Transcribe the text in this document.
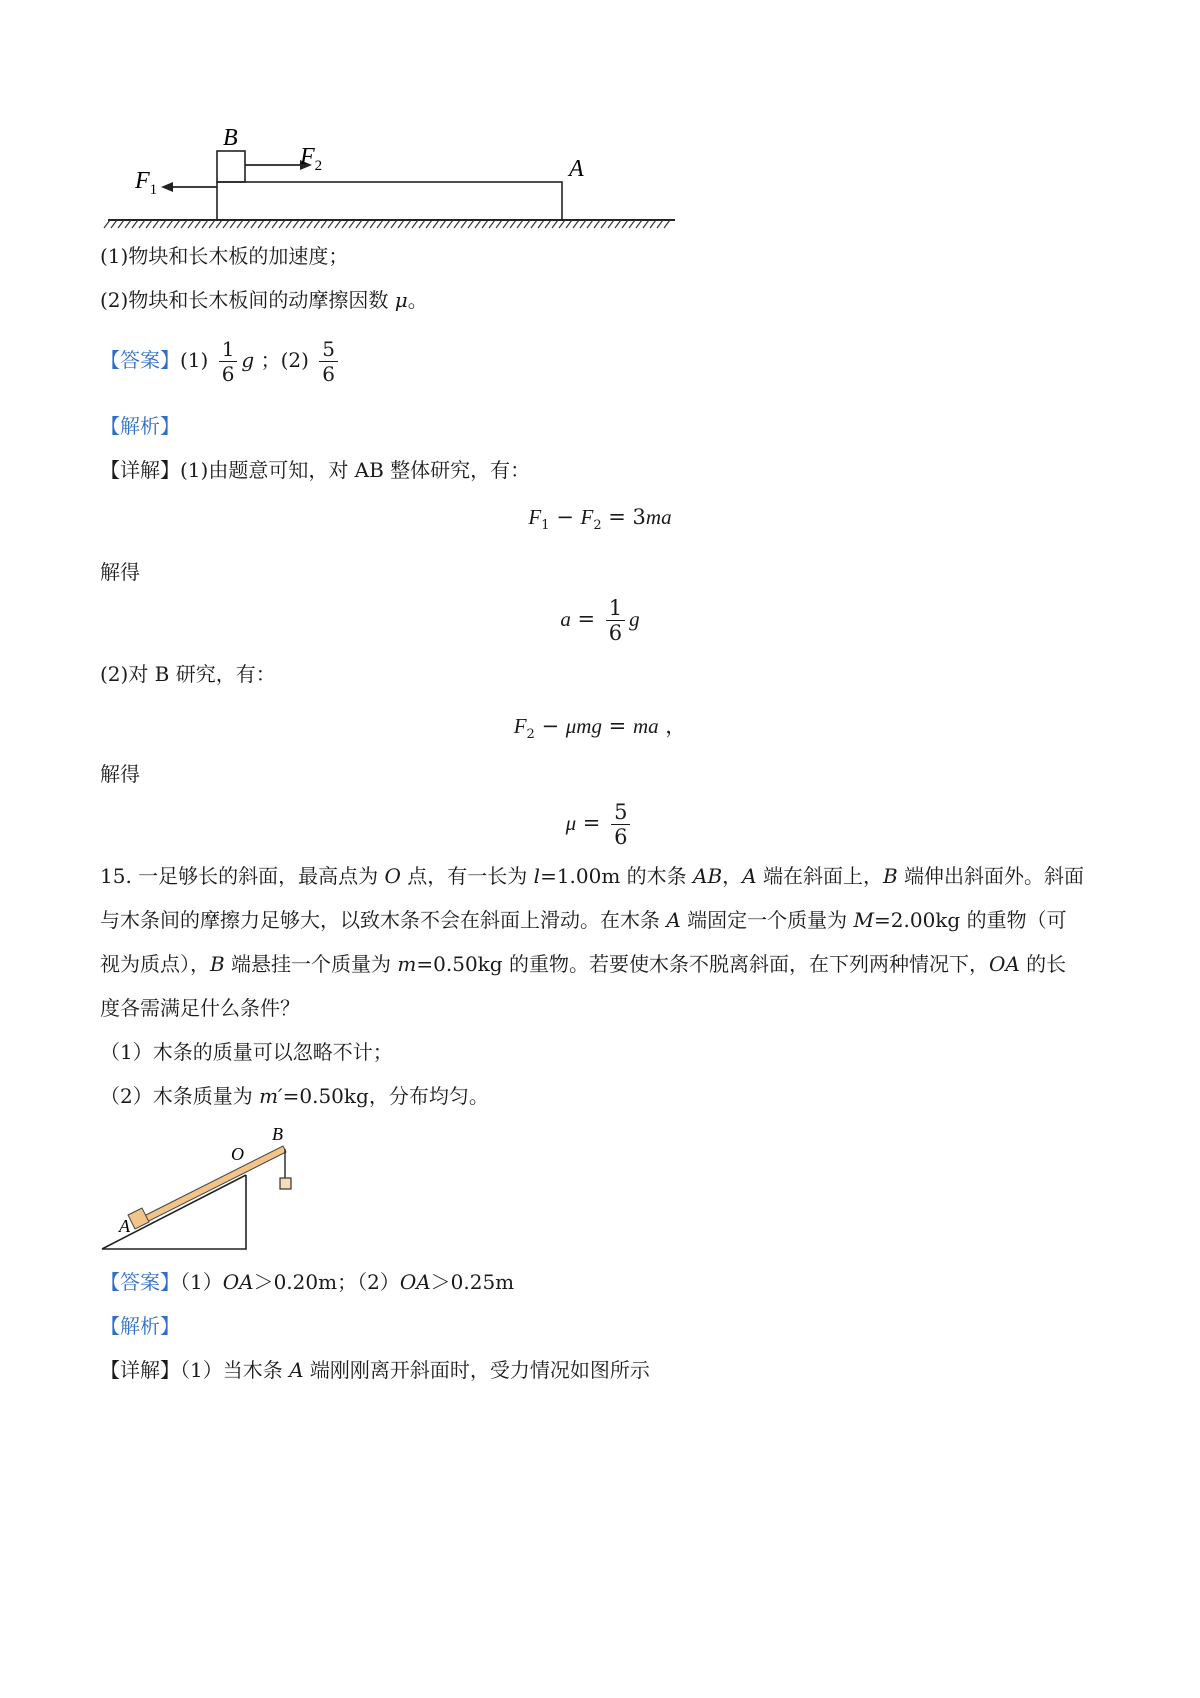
B
A
$F_1$
$F_2$
(1)物块和长木板的加速度；
(2)物块和长木板间的动摩擦因数 μ。
【答案】$(1) \frac{1}{6}$ g ；$(2) \frac{5}{6}$
【解析】
【详解】(1)由题意可知，对 AB 整体研究，有：
$F_1 - F_2 = 3ma$
解得
$a = \frac{1}{6}$ g
(2)对 B 研究，有：
$F_2 - \mu mg$ = ma ，
解得
$\mu = \frac{5}{6}$
15. 一足够长的斜面，最高点为 O 点，有一长为 l=1.00m 的木条 AB，A 端在斜面上，B 端伸出斜面外。斜面
与木条间的摩擦力足够大，以致木条不会在斜面上滑动。在木条 A 端固定一个质量为 M=2.00kg 的重物（可
视为质点），B 端悬挂一个质量为 m=0.50kg 的重物。若要使木条不脱离斜面，在下列两种情况下，OA 的长
度各需满足什么条件？
（1）木条的质量可以忽略不计；
（2）木条质量为 m′=0.50kg，分布均匀。
O
B
A
【答案】（1）OA＞0.20m；（2）OA＞0.25m
【解析】
【详解】（1）当木条 A 端刚刚离开斜面时，受力情况如图所示
